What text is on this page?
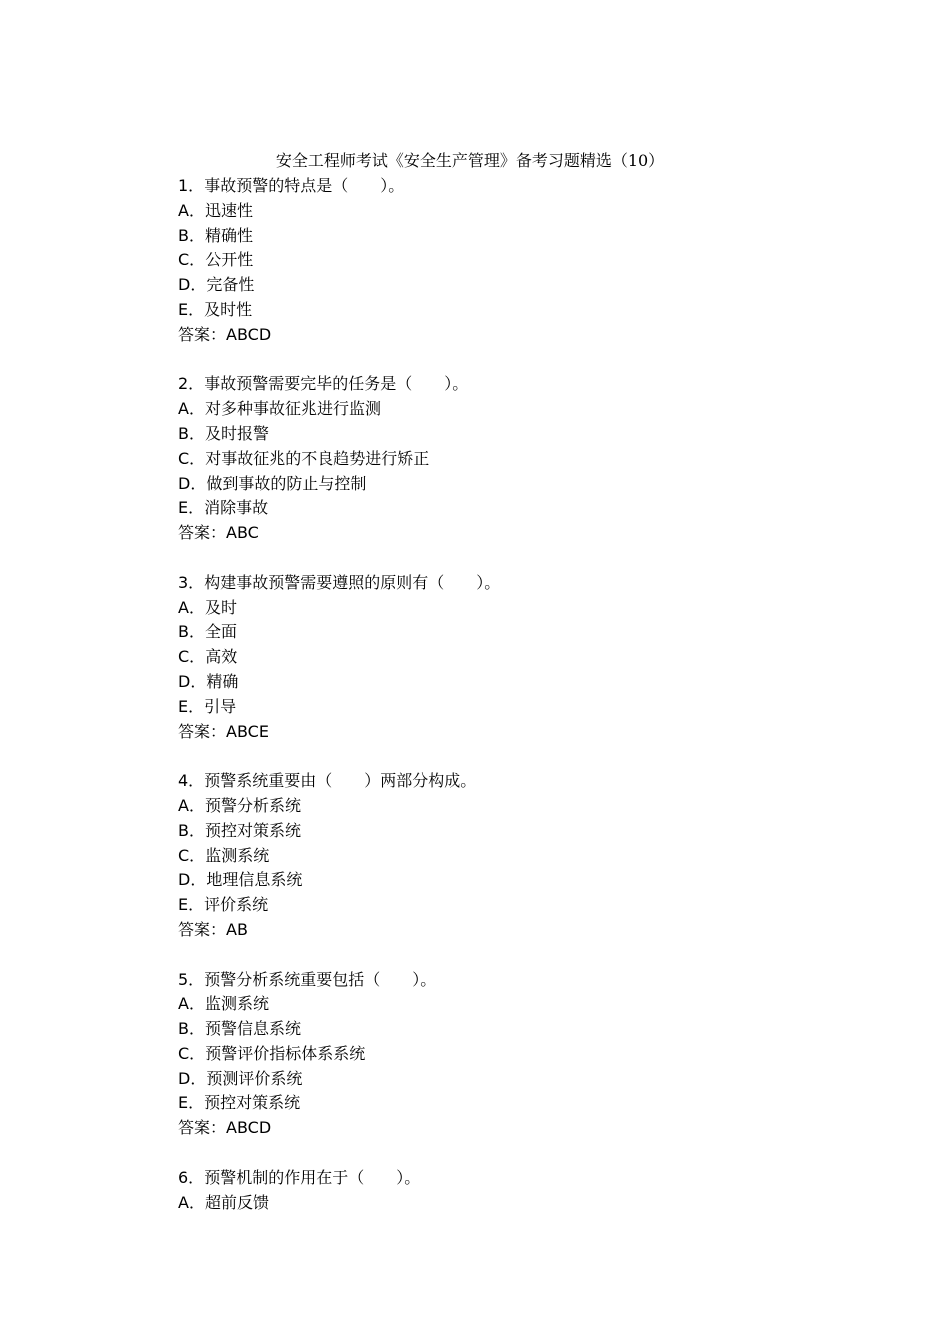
安全工程师考试《安全生产管理》备考习题精选（10）
1．事故预警的特点是（　　）。
A．迅速性
B．精确性
C．公开性
D．完备性
E．及时性
答案：ABCD
2．事故预警需要完毕的任务是（　　）。
A．对多种事故征兆进行监测
B．及时报警
C．对事故征兆的不良趋势进行矫正
D．做到事故的防止与控制
E．消除事故
答案：ABC
3．构建事故预警需要遵照的原则有（　　）。
A．及时
B．全面
C．高效
D．精确
E．引导
答案：ABCE
4．预警系统重要由（　　）两部分构成。
A．预警分析系统
B．预控对策系统
C．监测系统
D．地理信息系统
E．评价系统
答案：AB
5．预警分析系统重要包括（　　）。
A．监测系统
B．预警信息系统
C．预警评价指标体系系统
D．预测评价系统
E．预控对策系统
答案：ABCD
6．预警机制的作用在于（　　）。
A．超前反馈
